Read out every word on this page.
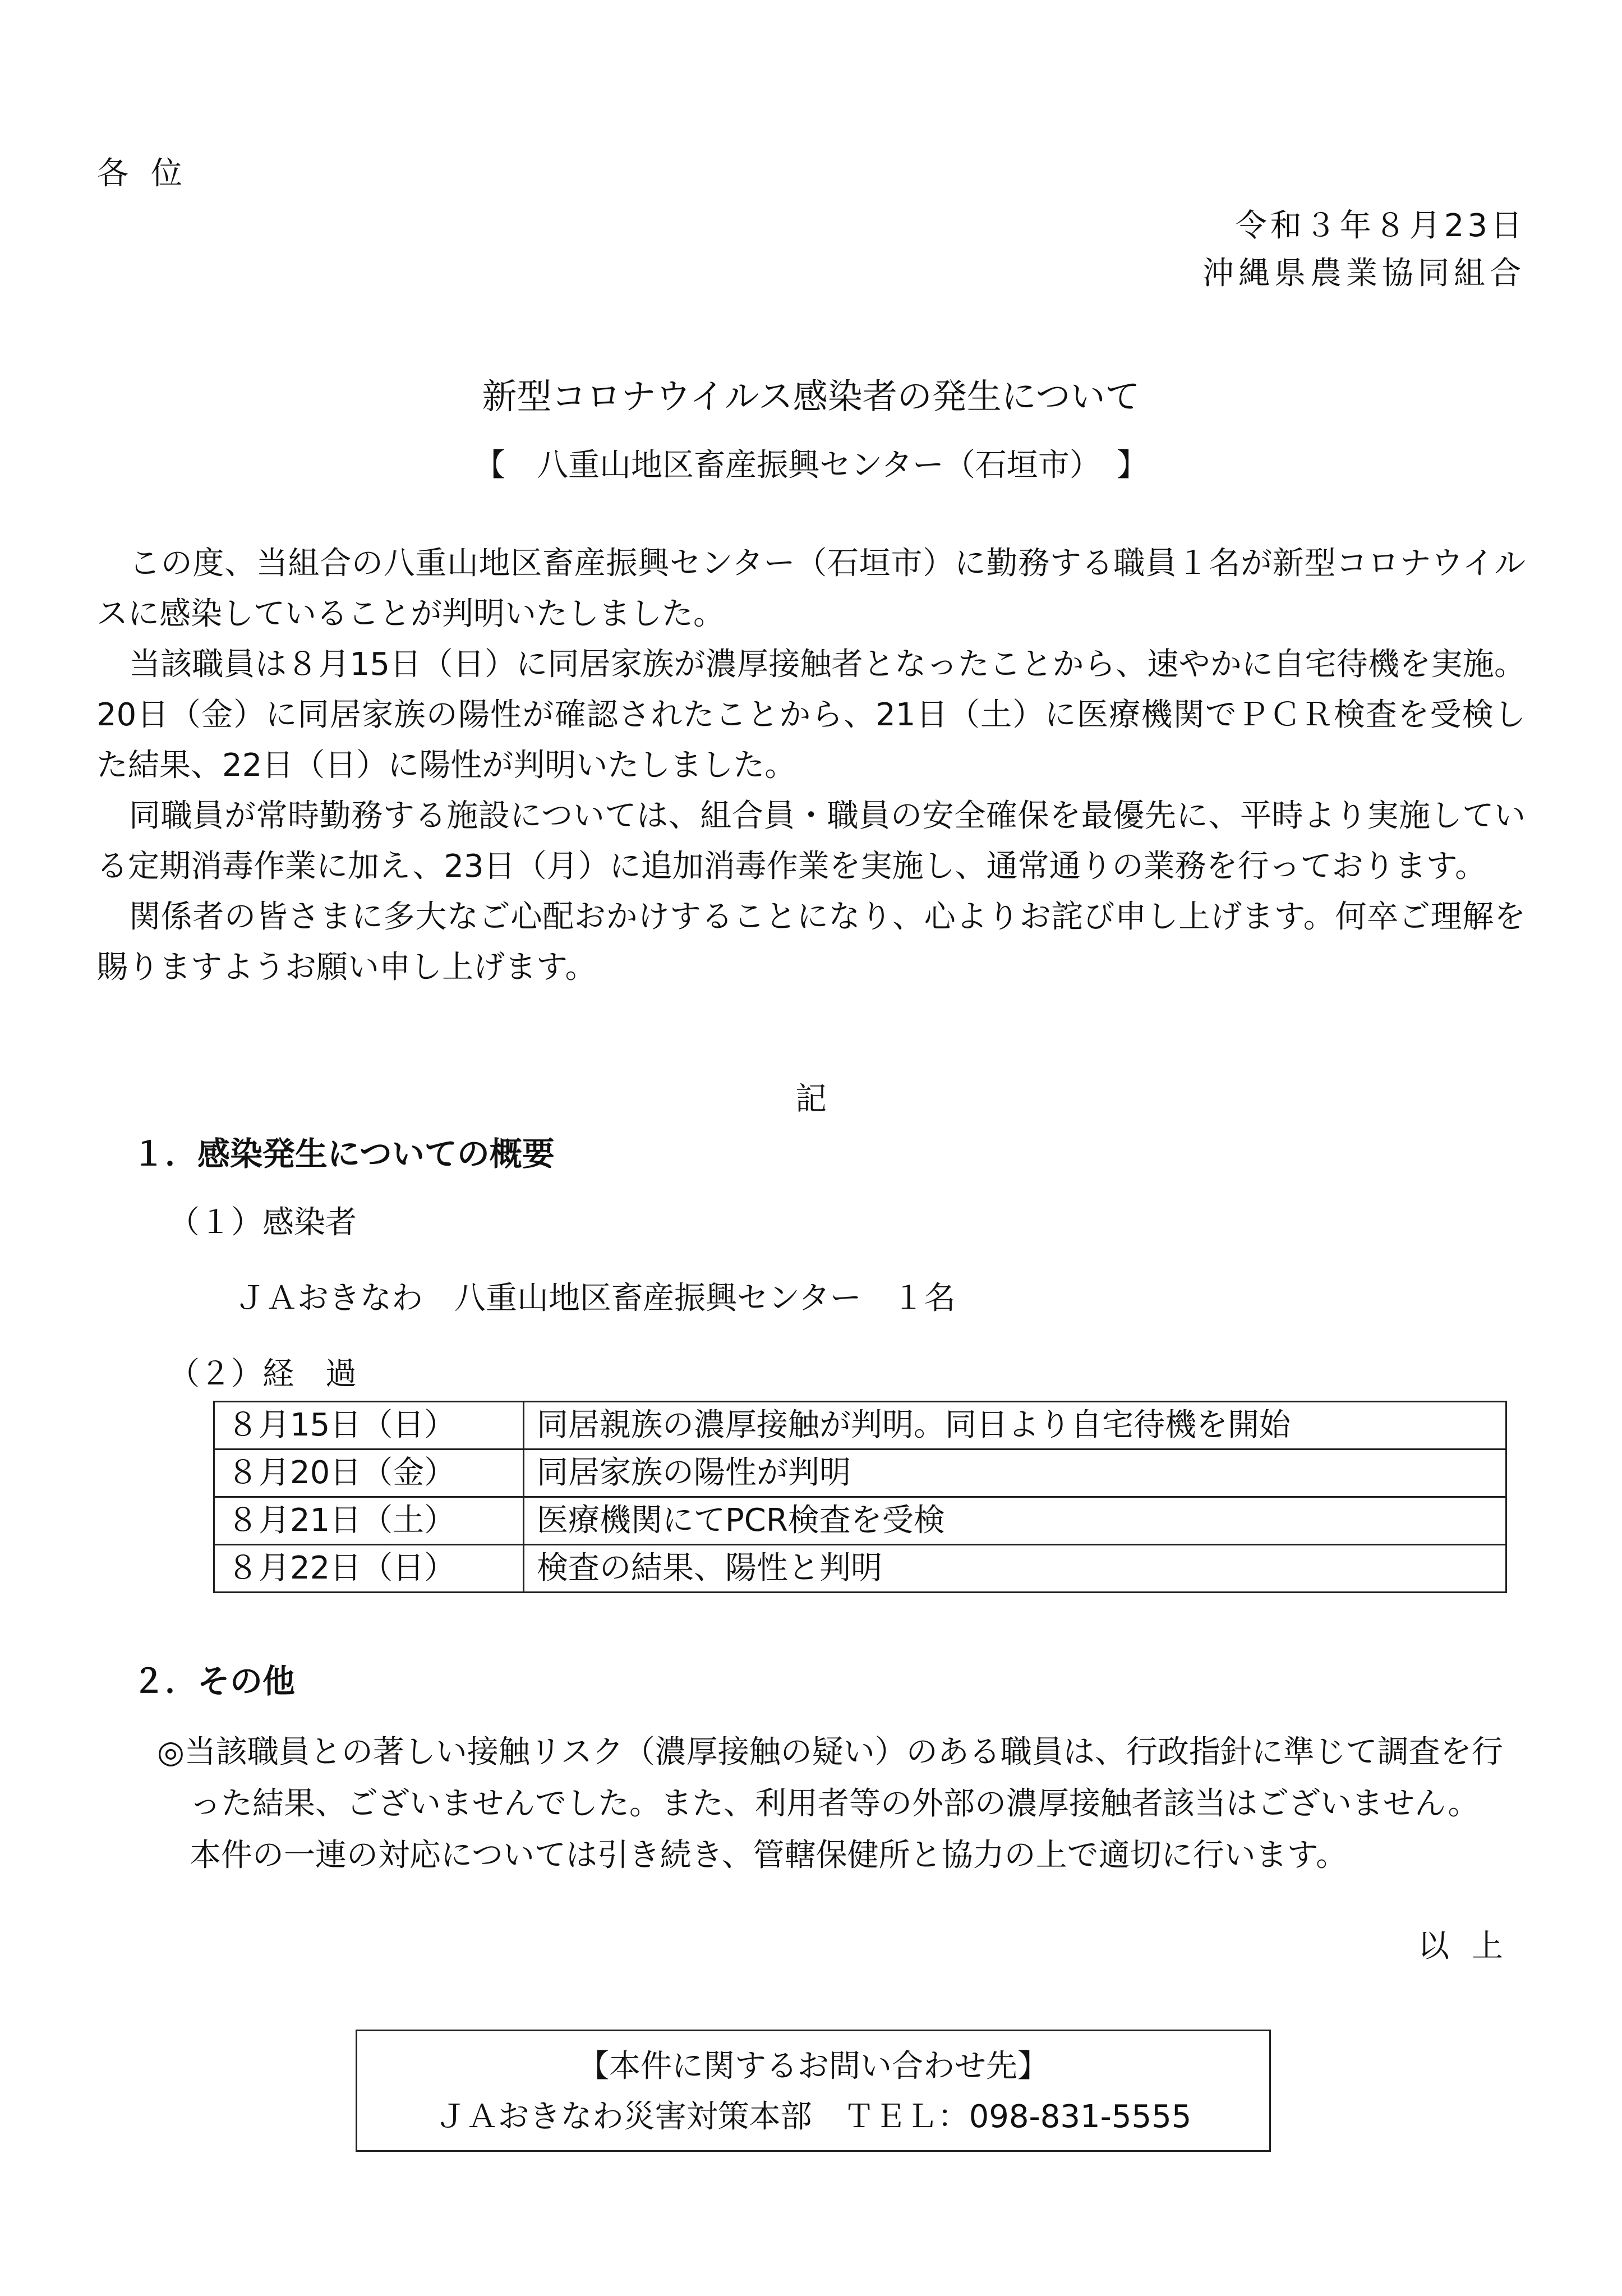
各位
令和３年８月23日
沖縄県農業協同組合
新型コロナウイルス感染者の発生について
【　八重山地区畜産振興センター（石垣市）　】

この度、当組合の八重山地区畜産振興センター（石垣市）に勤務する職員１名が新型コロナウイルスに感染していることが判明いたしました。

当該職員は８月15日（日）に同居家族が濃厚接触者となったことから、速やかに自宅待機を実施。20日（金）に同居家族の陽性が確認されたことから、21日（土）に医療機関でＰＣＲ検査を受検した結果、22日（日）に陽性が判明いたしました。

同職員が常時勤務する施設については、組合員・職員の安全確保を最優先に、平時より実施している定期消毒作業に加え、23日（月）に追加消毒作業を実施し、通常通りの業務を行っております。

関係者の皆さまに多大なご心配おかけすることになり、心よりお詫び申し上げます。何卒ご理解を賜りますようお願い申し上げます。

記
１．感染発生についての概要
（１）感染者
ＪＡおきなわ　八重山地区畜産振興センター　１名
（２）経　過
８月15日（日）	同居親族の濃厚接触が判明。同日より自宅待機を開始
８月20日（金）	同居家族の陽性が判明
８月21日（土）	医療機関にてPCR検査を受検
８月22日（日）	検査の結果、陽性と判明
２．その他

◎当該職員との著しい接触リスク（濃厚接触の疑い）のある職員は、行政指針に準じて調査を行った結果、ございませんでした。また、利用者等の外部の濃厚接触者該当はございません。

本件の一連の対応については引き続き、管轄保健所と協力の上で適切に行います。

以上
【本件に関するお問い合わせ先】
ＪＡおきなわ災害対策本部　ＴＥＬ：098-831-5555
